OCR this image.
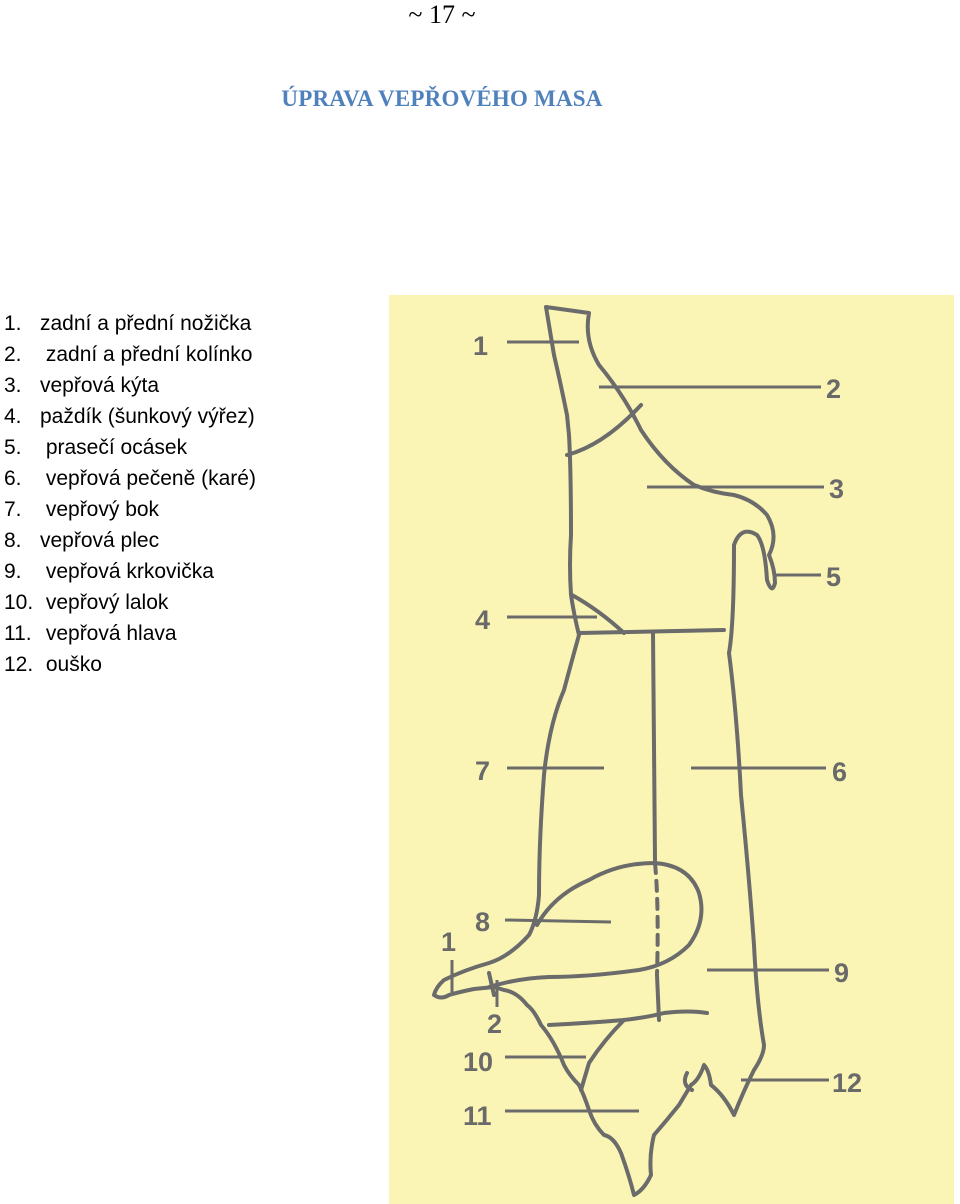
~ 17 ~
ÚPRAVA VEPŘOVÉHO MASA
1. zadní a přední nožička
2. zadní a přední kolínko
3. vepřová kýta
4. paždík (šunkový výřez)
5. prasečí ocásek
6. vepřová pečeně (karé)
7. vepřový bok
8. vepřová plec
9. vepřová krkovička
10. vepřový lalok
11. vepřová hlava
12. ouško
1
2
3
5
4
7	6
8
1
9
2
10
12
11
